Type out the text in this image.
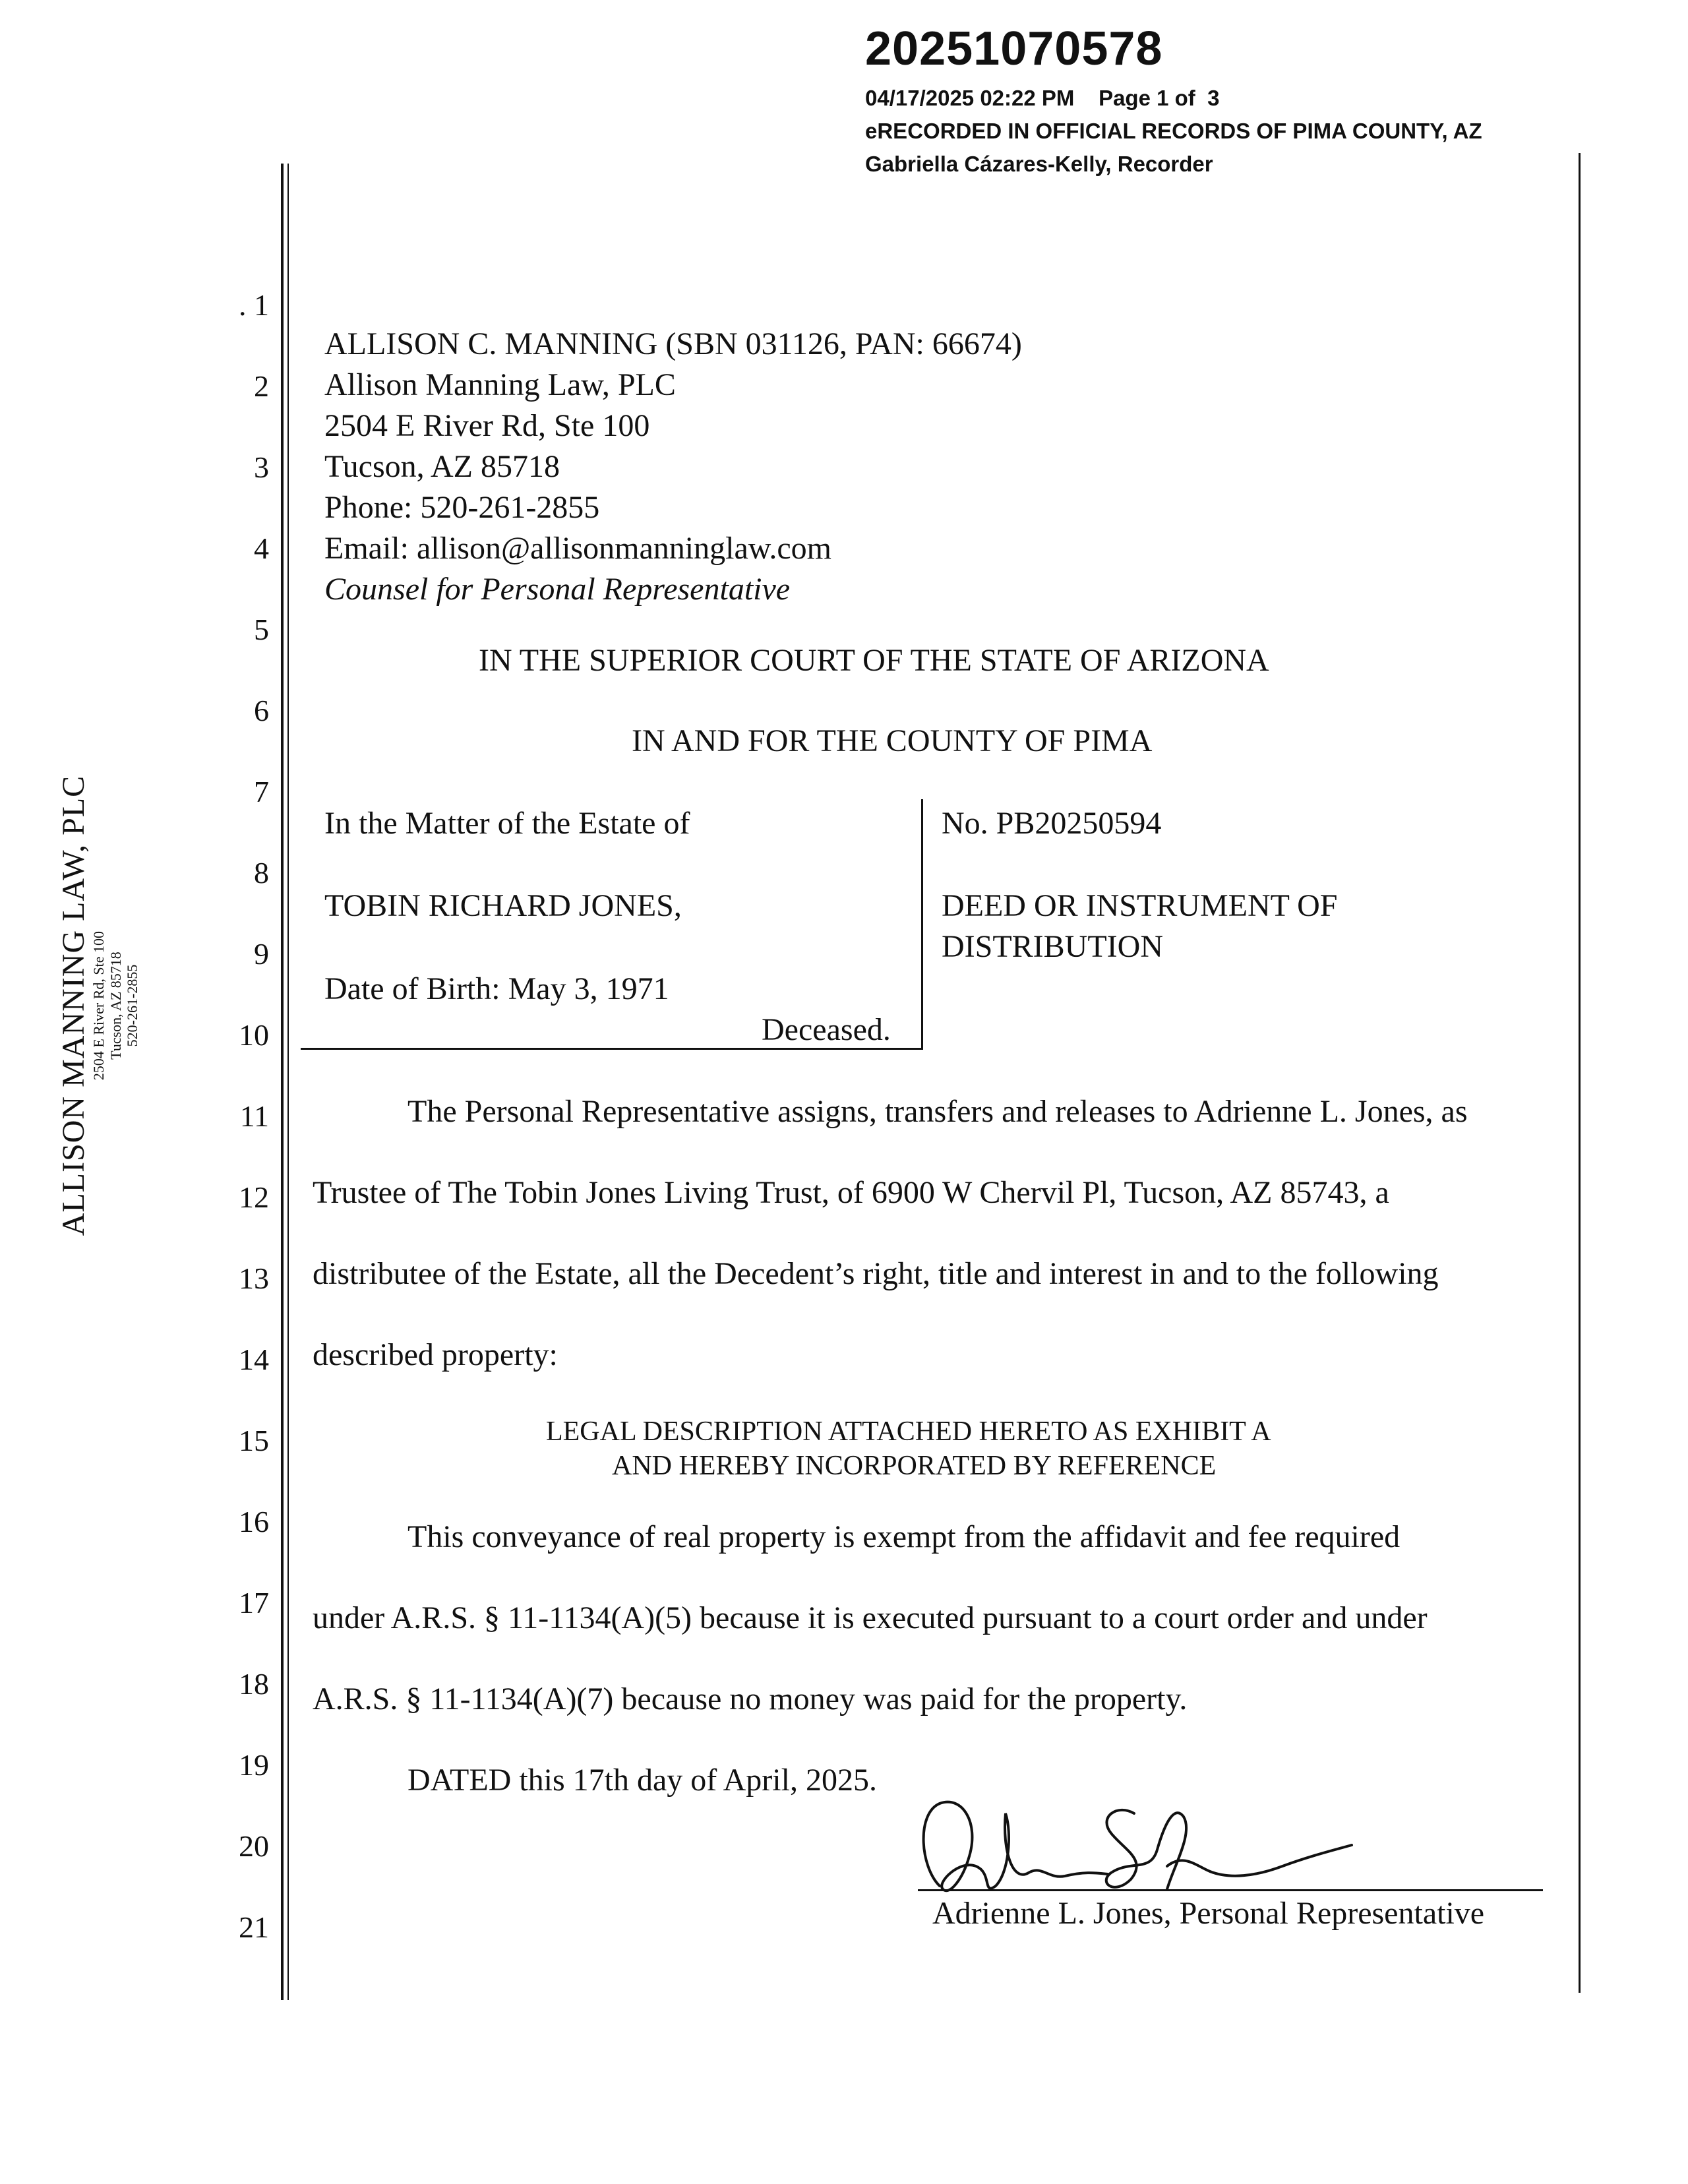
20251070578
04/17/2025 02:22 PM    Page 1 of  3
eRECORDED IN OFFICIAL RECORDS OF PIMA COUNTY, AZ
Gabriella Cázares-Kelly, Recorder
ALLISON MANNING LAW, PLC 2504 E River Rd, Ste 100 Tucson, AZ 85718 520-261-2855
. 1
2
3
4
5
6
7
8
9
10
11
12
13
14
15
16
17
18
19
20
21
ALLISON C. MANNING (SBN 031126, PAN: 66674)
Allison Manning Law, PLC
2504 E River Rd, Ste 100
Tucson, AZ 85718
Phone: 520-261-2855
Email: allison@allisonmanninglaw.com
Counsel for Personal Representative
IN THE SUPERIOR COURT OF THE STATE OF ARIZONA
IN AND FOR THE COUNTY OF PIMA
In the Matter of the Estate of
TOBIN RICHARD JONES,
Date of Birth: May 3, 1971
Deceased.
No. PB20250594
DEED OR INSTRUMENT OF
DISTRIBUTION
The Personal Representative assigns, transfers and releases to Adrienne L. Jones, as
Trustee of The Tobin Jones Living Trust, of 6900 W Chervil Pl, Tucson, AZ 85743, a
distributee of the Estate, all the Decedent’s right, title and interest in and to the following
described property:
LEGAL DESCRIPTION ATTACHED HERETO AS EXHIBIT A
AND HEREBY INCORPORATED BY REFERENCE
This conveyance of real property is exempt from the affidavit and fee required
under A.R.S. § 11-1134(A)(5) because it is executed pursuant to a court order and under
A.R.S. § 11-1134(A)(7) because no money was paid for the property.
DATED this 17th day of April, 2025.
Adrienne L. Jones, Personal Representative
